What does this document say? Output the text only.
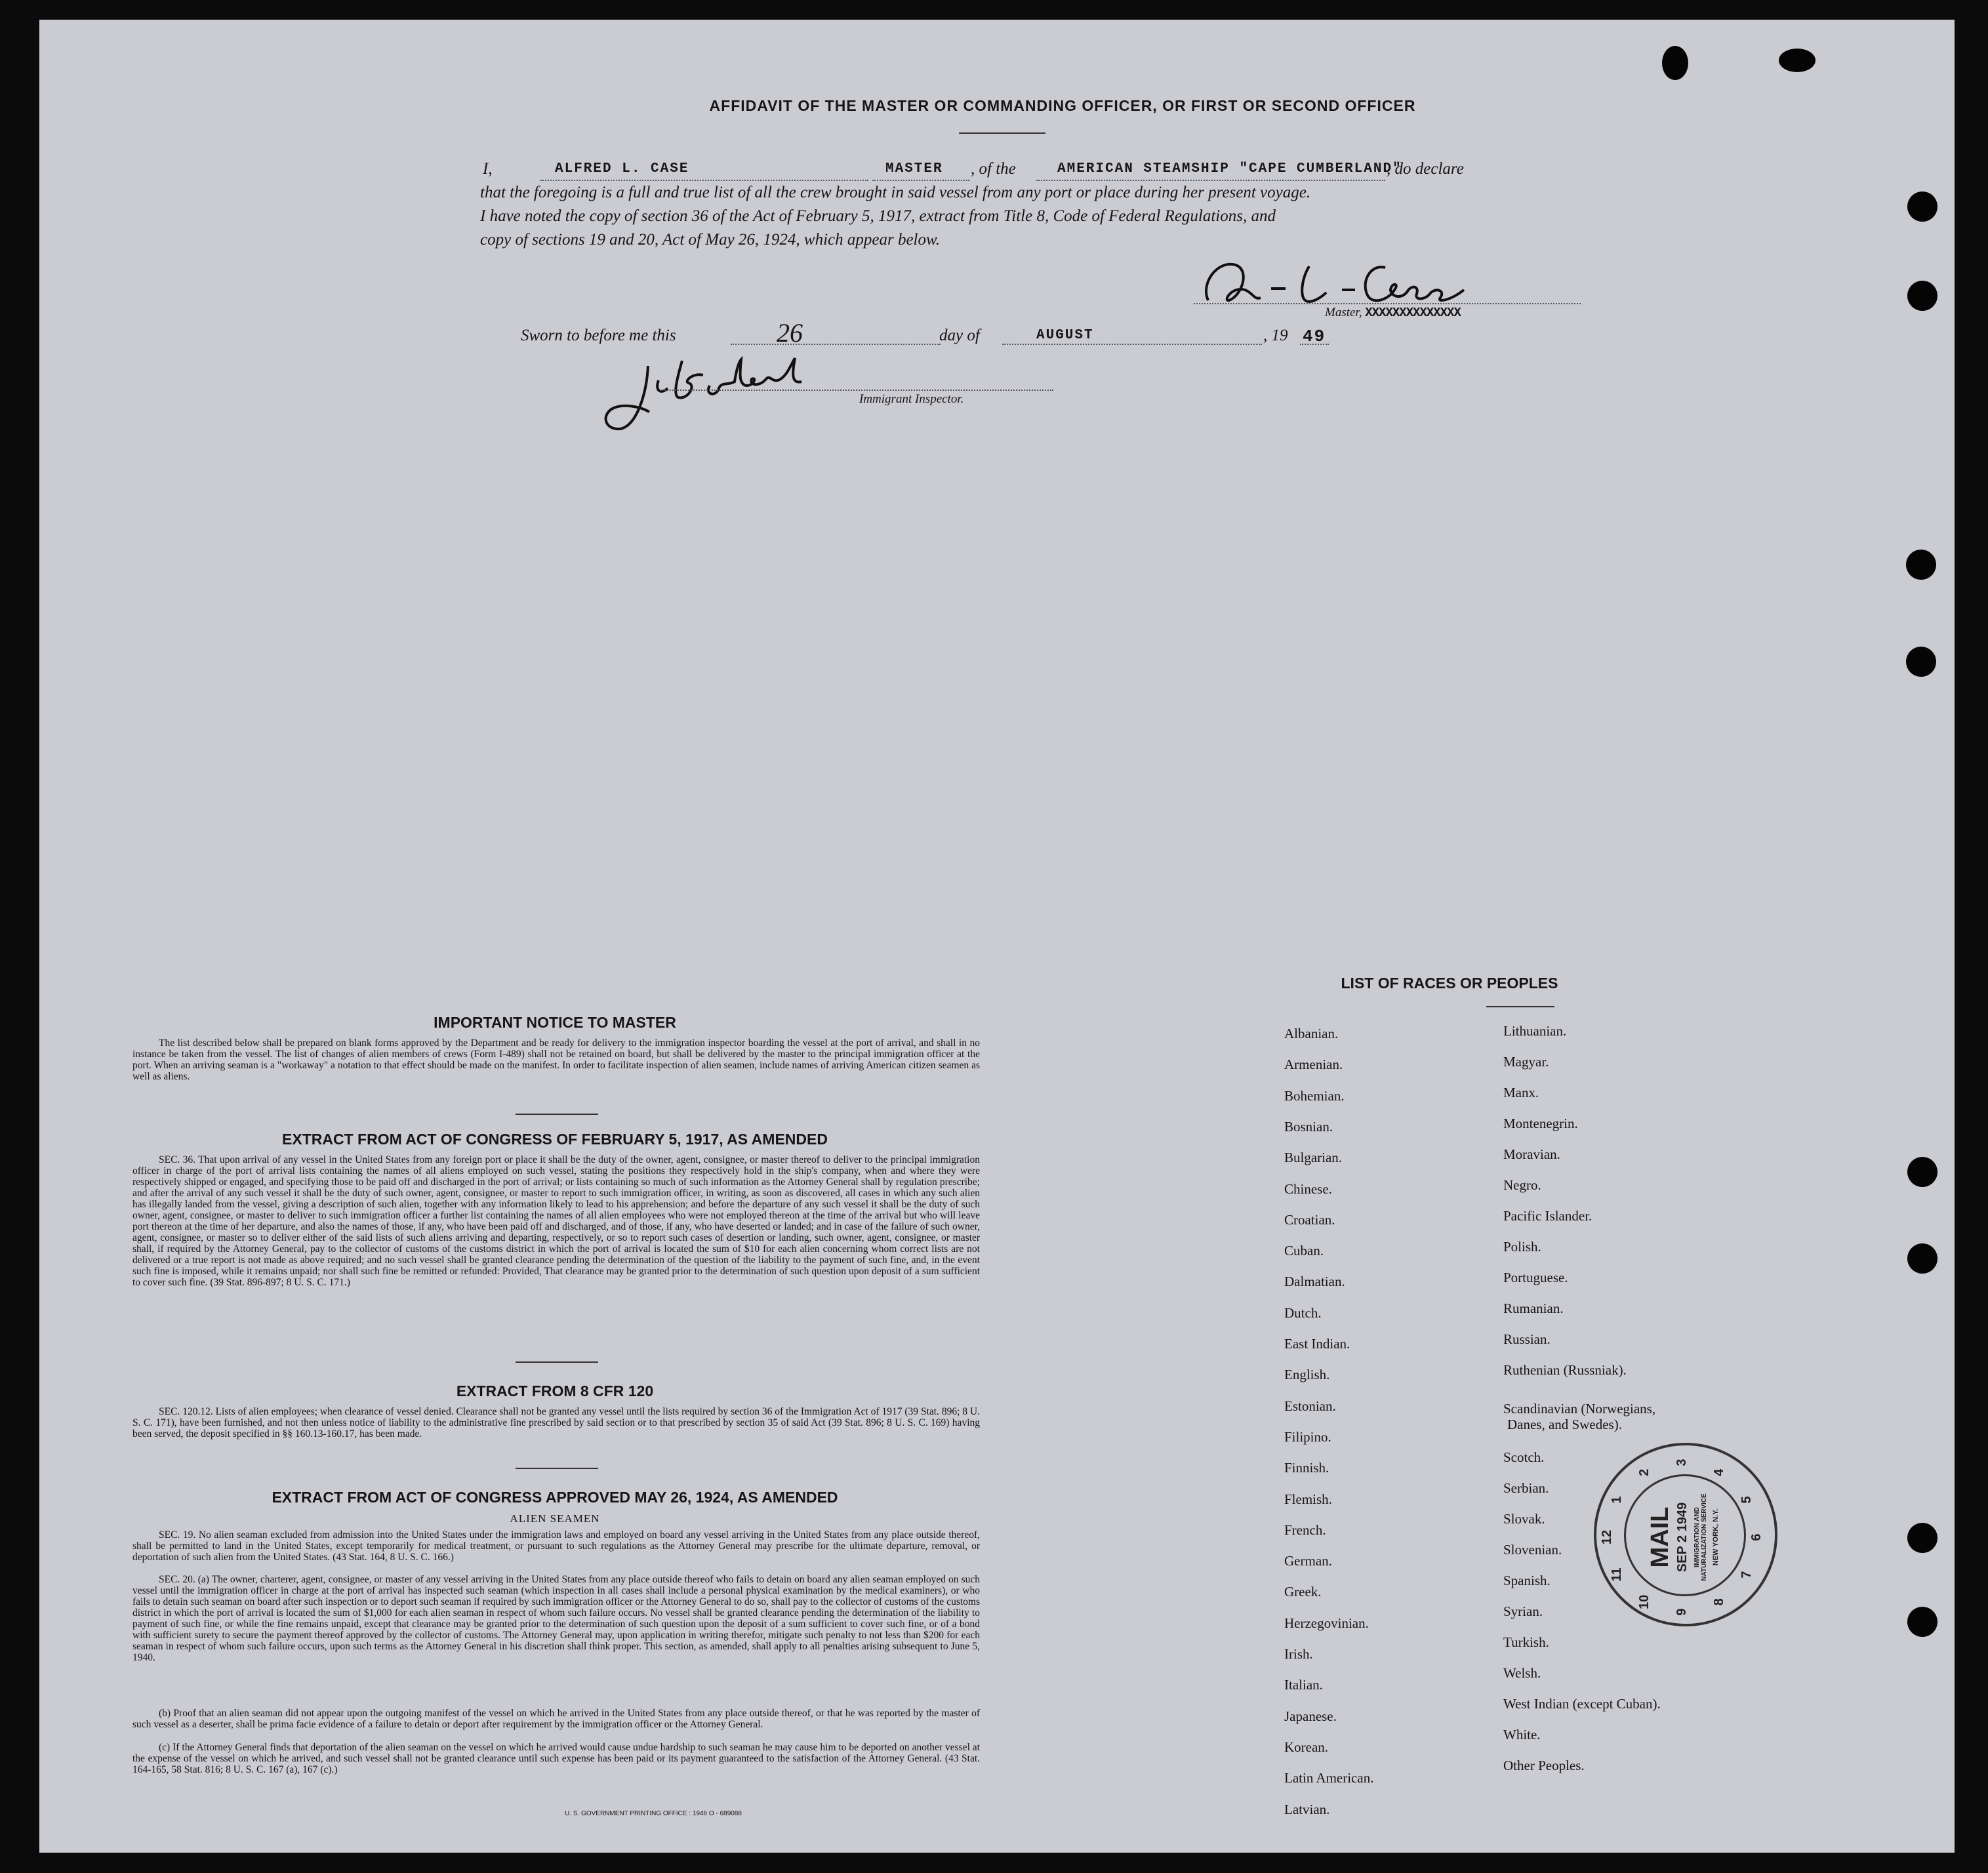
AFFIDAVIT OF THE MASTER OR COMMANDING OFFICER, OR FIRST OR SECOND OFFICER
I,	ALFRED L. CASE	MASTER , of the	AMERICAN STEAMSHIP "CAPE CUMBERLAND"
, do declare
that the foregoing is a full and true list of all the crew brought in said vessel from any port or place during her present voyage.
I have noted the copy of section 36 of the Act of February 5, 1917, extract from Title 8, Code of Federal Regulations, and
copy of sections 19 and 20, Act of May 26, 1924, which appear below.
Master, XXXXXXXXXXXXXX
Sworn to before me this	26	day of	AUGUST	, 19 49
Immigrant Inspector.
IMPORTANT NOTICE TO MASTER
The list described below shall be prepared on blank forms approved by the Department and be ready for delivery to the immigration inspector boarding the vessel at the port of arrival, and shall in no instance be taken from the vessel. The list of changes of alien members of crews (Form I-489) shall not be retained on board, but shall be delivered by the master to the principal immigration officer at the port. When an arriving seaman is a "workaway" a notation to that effect should be made on the manifest. In order to facilitate inspection of alien seamen, include names of arriving American citizen seamen as well as aliens.
EXTRACT FROM ACT OF CONGRESS OF FEBRUARY 5, 1917, AS AMENDED
SEC. 36. That upon arrival of any vessel in the United States from any foreign port or place it shall be the duty of the owner, agent, consignee, or master thereof to deliver to the principal immigration officer in charge of the port of arrival lists containing the names of all aliens employed on such vessel, stating the positions they respectively hold in the ship's company, when and where they were respectively shipped or engaged, and specifying those to be paid off and discharged in the port of arrival; or lists containing so much of such information as the Attorney General shall by regulation prescribe; and after the arrival of any such vessel it shall be the duty of such owner, agent, consignee, or master to report to such immigration officer, in writing, as soon as discovered, all cases in which any such alien has illegally landed from the vessel, giving a description of such alien, together with any information likely to lead to his apprehension; and before the departure of any such vessel it shall be the duty of such owner, agent, consignee, or master to deliver to such immigration officer a further list containing the names of all alien employees who were not employed thereon at the time of the arrival but who will leave port thereon at the time of her departure, and also the names of those, if any, who have been paid off and discharged, and of those, if any, who have deserted or landed; and in case of the failure of such owner, agent, consignee, or master so to deliver either of the said lists of such aliens arriving and departing, respectively, or so to report such cases of desertion or landing, such owner, agent, consignee, or master shall, if required by the Attorney General, pay to the collector of customs of the customs district in which the port of arrival is located the sum of $10 for each alien concerning whom correct lists are not delivered or a true report is not made as above required; and no such vessel shall be granted clearance pending the determination of the question of the liability to the payment of such fine, and, in the event such fine is imposed, while it remains unpaid; nor shall such fine be remitted or refunded: Provided, That clearance may be granted prior to the determination of such question upon deposit of a sum sufficient to cover such fine. (39 Stat. 896-897; 8 U. S. C. 171.)
EXTRACT FROM 8 CFR 120
SEC. 120.12. Lists of alien employees; when clearance of vessel denied. Clearance shall not be granted any vessel until the lists required by section 36 of the Immigration Act of 1917 (39 Stat. 896; 8 U. S. C. 171), have been furnished, and not then unless notice of liability to the administrative fine prescribed by said section or to that prescribed by section 35 of said Act (39 Stat. 896; 8 U. S. C. 169) having been served, the deposit specified in §§ 160.13-160.17, has been made.
EXTRACT FROM ACT OF CONGRESS APPROVED MAY 26, 1924, AS AMENDED
ALIEN SEAMEN
SEC. 19. No alien seaman excluded from admission into the United States under the immigration laws and employed on board any vessel arriving in the United States from any place outside thereof, shall be permitted to land in the United States, except temporarily for medical treatment, or pursuant to such regulations as the Attorney General may prescribe for the ultimate departure, removal, or deportation of such alien from the United States. (43 Stat. 164, 8 U. S. C. 166.)
SEC. 20. (a) The owner, charterer, agent, consignee, or master of any vessel arriving in the United States from any place outside thereof who fails to detain on board any alien seaman employed on such vessel until the immigration officer in charge at the port of arrival has inspected such seaman (which inspection in all cases shall include a personal physical examination by the medical examiners), or who fails to detain such seaman on board after such inspection or to deport such seaman if required by such immigration officer or the Attorney General to do so, shall pay to the collector of customs of the customs district in which the port of arrival is located the sum of $1,000 for each alien seaman in respect of whom such failure occurs. No vessel shall be granted clearance pending the determination of the liability to payment of such fine, or while the fine remains unpaid, except that clearance may be granted prior to the determination of such question upon the deposit of a sum sufficient to cover such fine, or of a bond with sufficient surety to secure the payment thereof approved by the collector of customs. The Attorney General may, upon application in writing therefor, mitigate such penalty to not less than $200 for each seaman in respect of whom such failure occurs, upon such terms as the Attorney General in his discretion shall think proper. This section, as amended, shall apply to all penalties arising subsequent to June 5, 1940.
(b) Proof that an alien seaman did not appear upon the outgoing manifest of the vessel on which he arrived in the United States from any place outside thereof, or that he was reported by the master of such vessel as a deserter, shall be prima facie evidence of a failure to detain or deport after requirement by the immigration officer or the Attorney General.
(c) If the Attorney General finds that deportation of the alien seaman on the vessel on which he arrived would cause undue hardship to such seaman he may cause him to be deported on another vessel at the expense of the vessel on which he arrived, and such vessel shall not be granted clearance until such expense has been paid or its payment guaranteed to the satisfaction of the Attorney General. (43 Stat. 164-165, 58 Stat. 816; 8 U. S. C. 167 (a), 167 (c).)
U. S. GOVERNMENT PRINTING OFFICE : 1946 O - 689088
LIST OF RACES OR PEOPLES
Albanian.
Armenian.
Bohemian.
Bosnian.
Bulgarian.
Chinese.
Croatian.
Cuban.
Dalmatian.
Dutch.
East Indian.
English.
Estonian.
Filipino.
Finnish.
Flemish.
French.
German.
Greek.
Herzegovinian.
Irish.
Italian.
Japanese.
Korean.
Latin American.
Latvian.
Lithuanian.
Magyar.
Manx.
Montenegrin.
Moravian.
Negro.
Pacific Islander.
Polish.
Portuguese.
Rumanian.
Russian.
Ruthenian (Russniak).
Scandinavian (Norwegians,
Danes, and Swedes).
Scotch.
Serbian.
Slovak.
Slovenian.
Spanish.
Syrian.
Turkish.
Welsh.
West Indian (except Cuban).
White.
Other Peoples.
12
1
2
3
4
5
6
7
8
9
10
11
MAIL SEP 2 1949 IMMIGRATION AND NATURALIZATION SERVICE NEW YORK, N.Y.
